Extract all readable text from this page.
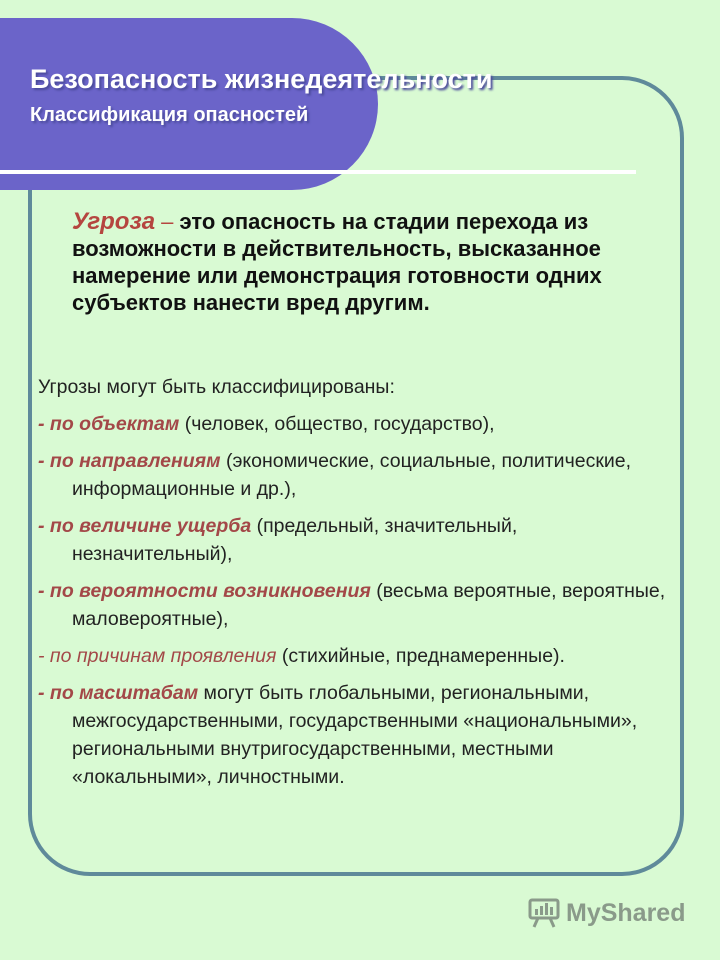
Безопасность жизнедеятельности
Классификация опасностей

Угроза – это опасность на стадии перехода из возможности в действительность, высказанное намерение или демонстрация готовности одних субъектов нанести вред другим.

Угрозы могут быть классифицированы:

- по объектам (человек, общество, государство),
- по направлениям (экономические, социальные, политические, информационные и др.),
- по величине ущерба (предельный, значительный, незначительный),
- по вероятности возникновения (весьма вероятные, вероятные, маловероятные),
- по причинам проявления (стихийные, преднамеренные).
- по масштабам могут быть глобальными, региональными, межгосударственными, государственными «национальными», региональными внутригосударственными, местными «локальными», личностными.
MyShared
